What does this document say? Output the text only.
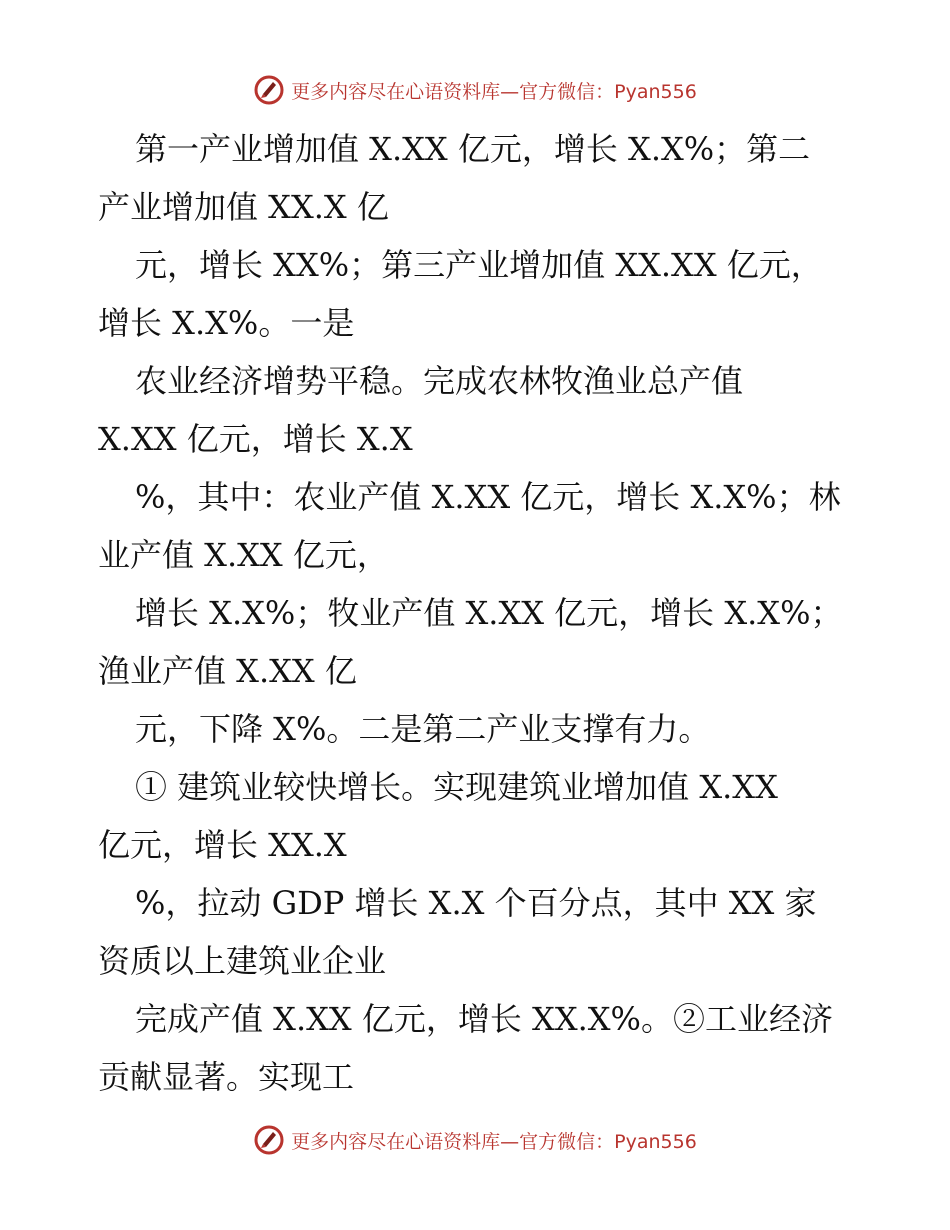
更多内容尽在心语资料库—官方微信：Pyan556

第一产业增加值 X.XX 亿元，增长 X.X%；第二

产业增加值 XX.X 亿

元，增长 XX%；第三产业增加值 XX.XX 亿元，

增长 X.X%。一是

农业经济增势平稳。完成农林牧渔业总产值

X.XX 亿元，增长 X.X

%，其中：农业产值 X.XX 亿元，增长 X.X%；林

业产值 X.XX 亿元，

增长 X.X%；牧业产值 X.XX 亿元，增长 X.X%；

渔业产值 X.XX 亿

元，下降 X%。二是第二产业支撑有力。

① 建筑业较快增长。实现建筑业增加值 X.XX

亿元，增长 XX.X

%，拉动 GDP 增长 X.X 个百分点，其中 XX 家

资质以上建筑业企业

完成产值 X.XX 亿元，增长 XX.X%。②工业经济

贡献显著。实现工

更多内容尽在心语资料库—官方微信：Pyan556
